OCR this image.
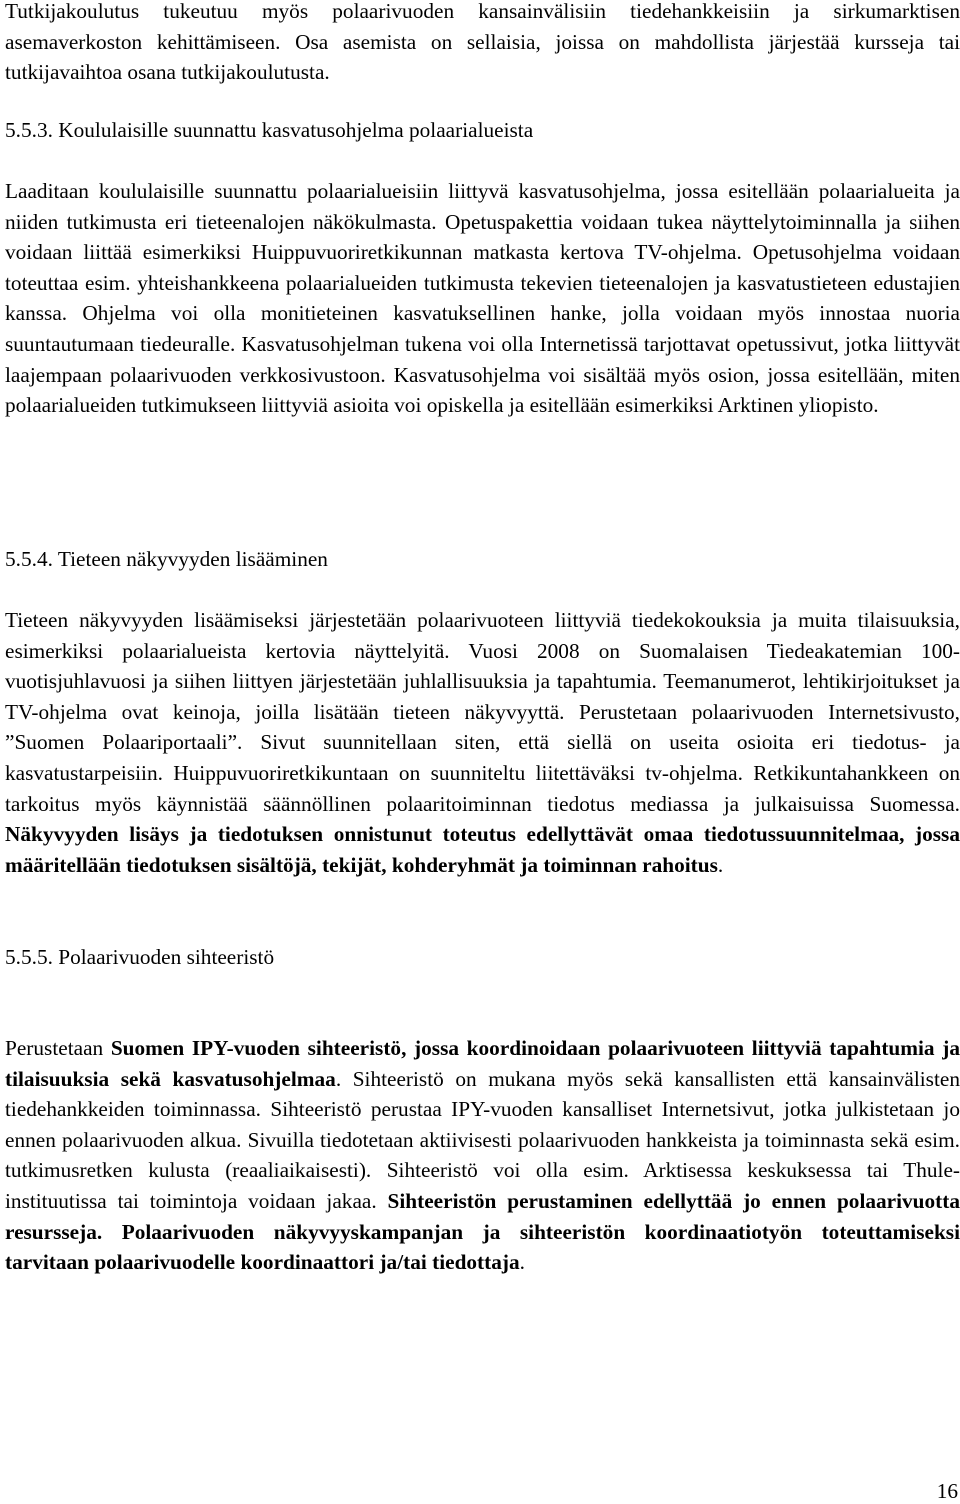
Tutkijakoulutus tukeutuu myös polaarivuoden kansainvälisiin tiedehankkeisiin ja sirkumarktisen asemaverkoston kehittämiseen. Osa asemista on sellaisia, joissa on mahdollista järjestää kursseja tai tutkijavaihtoa osana tutkijakoulutusta.

5.5.3. Koululaisille suunnattu kasvatusohjelma polaarialueista

Laaditaan koululaisille suunnattu polaarialueisiin liittyvä kasvatusohjelma, jossa esitellään polaarialueita ja niiden tutkimusta eri tieteenalojen näkökulmasta. Opetuspakettia voidaan tukea näyttelytoiminnalla ja siihen voidaan liittää esimerkiksi Huippuvuoriretkikunnan matkasta kertova TV-ohjelma. Opetusohjelma voidaan toteuttaa esim. yhteishankkeena polaarialueiden tutkimusta tekevien tieteenalojen ja kasvatustieteen edustajien kanssa. Ohjelma voi olla monitieteinen kasvatuksellinen hanke, jolla voidaan myös innostaa nuoria suuntautumaan tiedeuralle. Kasvatusohjelman tukena voi olla Internetissä tarjottavat opetussivut, jotka liittyvät laajempaan polaarivuoden verkkosivustoon. Kasvatusohjelma voi sisältää myös osion, jossa esitellään, miten polaarialueiden tutkimukseen liittyviä asioita voi opiskella ja esitellään esimerkiksi Arktinen yliopisto.

5.5.4. Tieteen näkyvyyden lisääminen

Tieteen näkyvyyden lisäämiseksi järjestetään polaarivuoteen liittyviä tiedekokouksia ja muita tilaisuuksia, esimerkiksi polaarialueista kertovia näyttelyitä. Vuosi 2008 on Suomalaisen Tiedeakatemian 100-vuotisjuhlavuosi ja siihen liittyen järjestetään juhlallisuuksia ja tapahtumia. Teemanumerot, lehtikirjoitukset ja TV-ohjelma ovat keinoja, joilla lisätään tieteen näkyvyyttä. Perustetaan polaarivuoden Internetsivusto, ”Suomen Polaariportaali”. Sivut suunnitellaan siten, että siellä on useita osioita eri tiedotus- ja kasvatustarpeisiin. Huippuvuoriretkikuntaan on suunniteltu liitettäväksi tv-ohjelma. Retkikuntahankkeen on tarkoitus myös käynnistää säännöllinen polaaritoiminnan tiedotus mediassa ja julkaisuissa Suomessa. Näkyvyyden lisäys ja tiedotuksen onnistunut toteutus edellyttävät omaa tiedotussuunnitelmaa, jossa määritellään tiedotuksen sisältöjä, tekijät, kohderyhmät ja toiminnan rahoitus.

5.5.5. Polaarivuoden sihteeristö

Perustetaan Suomen IPY-vuoden sihteeristö, jossa koordinoidaan polaarivuoteen liittyviä tapahtumia ja tilaisuuksia sekä kasvatusohjelmaa. Sihteeristö on mukana myös sekä kansallisten että kansainvälisten tiedehankkeiden toiminnassa. Sihteeristö perustaa IPY-vuoden kansalliset Internetsivut, jotka julkistetaan jo ennen polaarivuoden alkua. Sivuilla tiedotetaan aktiivisesti polaarivuoden hankkeista ja toiminnasta sekä esim. tutkimusretken kulusta (reaaliaikaisesti). Sihteeristö voi olla esim. Arktisessa keskuksessa tai Thule-instituutissa tai toimintoja voidaan jakaa. Sihteeristön perustaminen edellyttää jo ennen polaarivuotta resursseja. Polaarivuoden näkyvyyskampanjan ja sihteeristön koordinaatiotyön toteuttamiseksi tarvitaan polaarivuodelle koordinaattori ja/tai tiedottaja.

16
